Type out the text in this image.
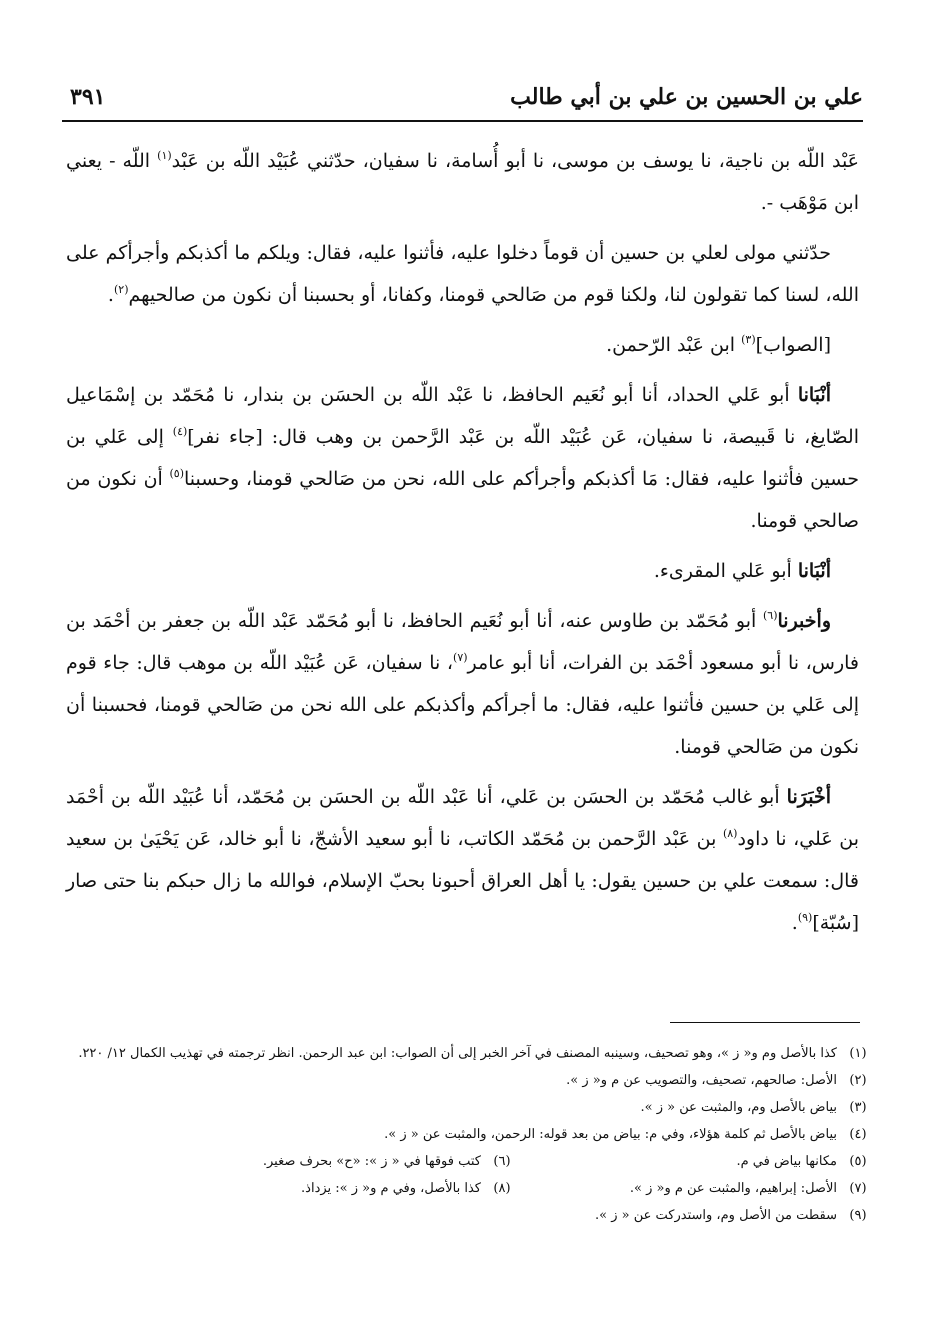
علي بن الحسين بن علي بن أبي طالب
٣٩١

عَبْد اللّه بن ناجية، نا يوسف بن موسى، نا أبو أُسامة، نا سفيان، حدّثني عُبَيْد اللّه بن عَبْد$^{(١)}$ اللّه - يعني ابن مَوْهَب -.

حدّثني مولى لعلي بن حسين أن قوماً دخلوا عليه، فأثنوا عليه، فقال: ويلكم ما أكذبكم وأجرأكم على الله، لسنا كما تقولون لنا، ولكنا قوم من صَالحي قومنا، وكفانا، أو بحسبنا أن نكون من صالحيهم$^{(٢)}$.

[الصواب]$^{(٣)}$ ابن عَبْد الرّحمن.

أنْبَانا أبو عَلي الحداد، أنا أبو نُعَيم الحافظ، نا عَبْد اللّه بن الحسَن بن بندار، نا مُحَمّد بن إسْمَاعيل الصّايغ، نا قَبيصة، نا سفيان، عَن عُبَيْد اللّه بن عَبْد الرَّحمن بن وهب قال: [جاء نفر]$^{(٤)}$ إلى عَلي بن حسين فأثنوا عليه، فقال: مَا أكذبكم وأجرأكم على الله، نحن من صَالحي قومنا، وحسبنا$^{(٥)}$ أن نكون من صالحي قومنا.

أنْبَانا أبو عَلي المقرىء.

وأخبرنا$^{(٦)}$ أبو مُحَمّد بن طاوس عنه، أنا أبو نُعَيم الحافظ، نا أبو مُحَمّد عَبْد اللّه بن جعفر بن أحْمَد بن فارس، نا أبو مسعود أحْمَد بن الفرات، أنا أبو عامر$^{(٧)}$، نا سفيان، عَن عُبَيْد اللّه بن موهب قال: جاء قوم إلى عَلي بن حسين فأثنوا عليه، فقال: ما أجرأكم وأكذبكم على الله نحن من صَالحي قومنا، فحسبنا أن نكون من صَالحي قومنا.

أخْبَرَنا أبو غالب مُحَمّد بن الحسَن بن عَلي، أنا عَبْد اللّه بن الحسَن بن مُحَمّد، أنا عُبَيْد اللّه بن أحْمَد بن عَلي، نا داود$^{(٨)}$ بن عَبْد الرَّحمن بن مُحَمّد الكاتب، نا أبو سعيد الأشجّ، نا أبو خالد، عَن يَحْيَىٰ بن سعيد قال: سمعت علي بن حسين يقول: يا أهل العراق أحبونا بحبّ الإسلام، فوالله ما زال حبكم بنا حتى صار [سُبّة]$^{(٩)}$.

(١)
كذا بالأصل وم و« ز »، وهو تصحيف، وسينبه المصنف في آخر الخبر إلى أن الصواب: ابن عبد الرحمن. انظر ترجمته في تهذيب الكمال ١٢/ ٢٢٠.
(٢)
الأصل: صالحهم، تصحيف، والتصويب عن م و« ز ».
(٣)
بياض بالأصل وم، والمثبت عن « ز ».
(٤)
بياض بالأصل ثم كلمة هؤلاء، وفي م: بياض من بعد قوله: الرحمن، والمثبت عن « ز ».
(٥)
مكانها بياض في م.
(٦)
كتب فوقها في « ز »: «ح» بحرف صغير.
(٧)
الأصل: إبراهيم، والمثبت عن م و« ز ».
(٨)
كذا بالأصل، وفي م و« ز »: يزداذ.
(٩)
سقطت من الأصل وم، واستدركت عن « ز ».
